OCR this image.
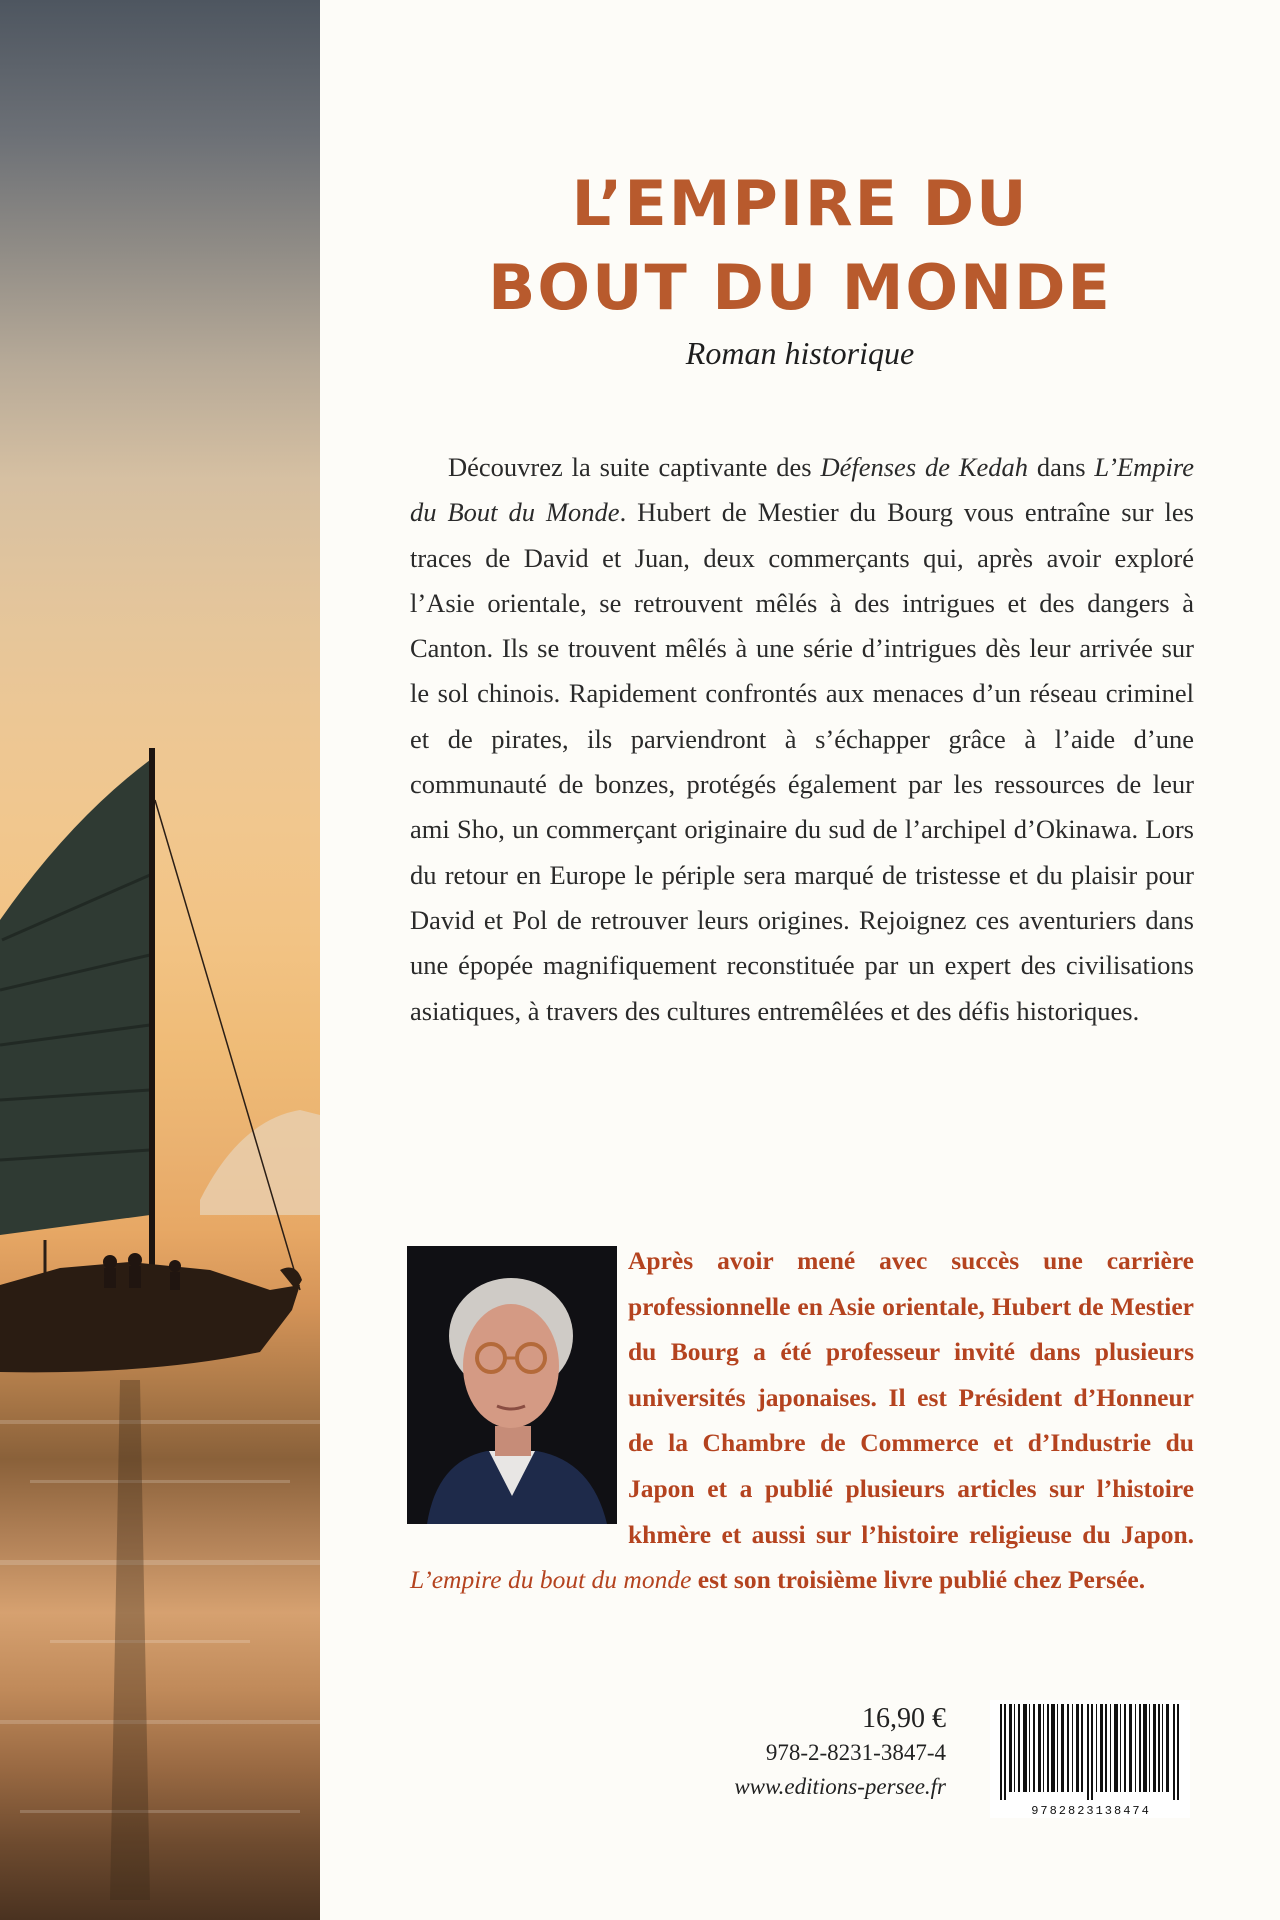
L’EMPIRE DU
BOUT DU MONDE
Roman historique

Découvrez la suite captivante des Défenses de Kedah dans L’Empire du Bout du Monde. Hubert de Mestier du Bourg vous entraîne sur les traces de David et Juan, deux commerçants qui, après avoir exploré l’Asie orientale, se retrouvent mêlés à des intrigues et des dangers à Canton. Ils se trouvent mêlés à une série d’intrigues dès leur arrivée sur le sol chinois. Rapidement confrontés aux menaces d’un réseau criminel et de pirates, ils parviendront à s’échapper grâce à l’aide d’une communauté de bonzes, protégés également par les ressources de leur ami Sho, un commerçant originaire du sud de l’archipel d’Okinawa. Lors du retour en Europe le périple sera marqué de tristesse et du plaisir pour David et Pol de retrouver leurs origines. Rejoignez ces aventuriers dans une épopée magnifiquement reconstituée par un expert des civilisations asiatiques, à travers des cultures entremêlées et des défis historiques.

Après avoir mené avec succès une carrière professionnelle en Asie orientale, Hubert de Mestier du Bourg a été professeur invité dans plusieurs universités japonaises. Il est Président d’Honneur de la Chambre de Commerce et d’Industrie du Japon et a publié plusieurs articles sur l’histoire khmère et aussi sur l’histoire religieuse du Japon. L’empire du bout du monde est son troisième livre publié chez Persée.

16,90 €
978-2-8231-3847-4
www.editions-persee.fr
9782823138474
